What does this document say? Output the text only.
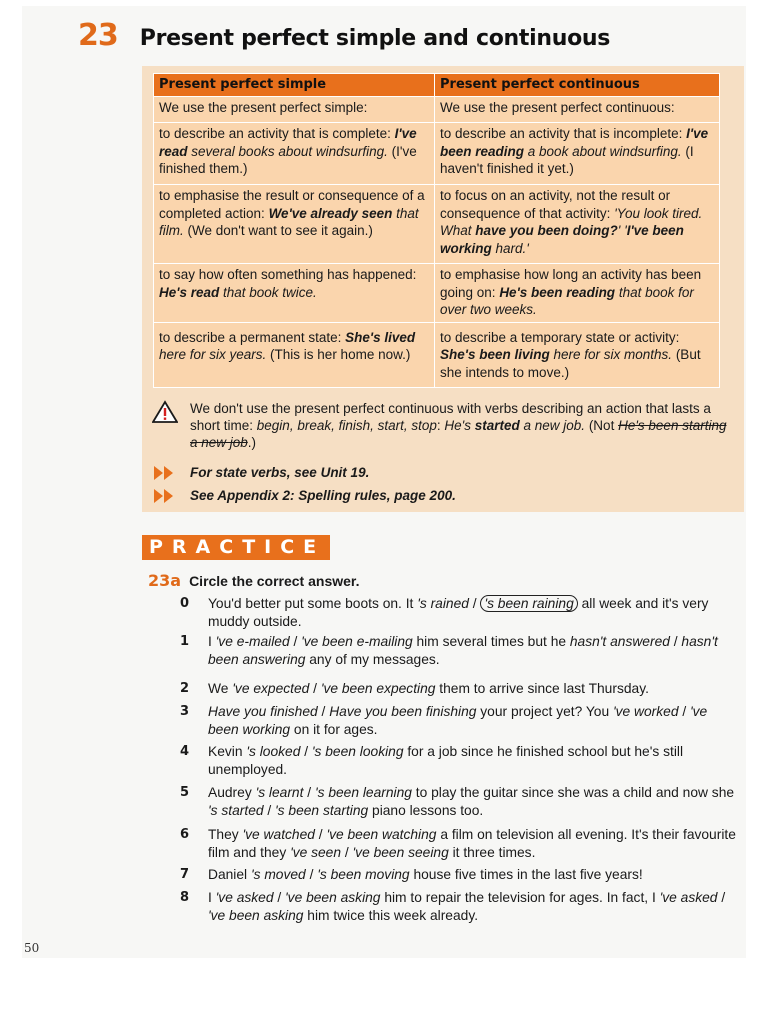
23 Present perfect simple and continuous
Present perfect simple	Present perfect continuous
We use the present perfect simple:	We use the present perfect continuous:
to describe an activity that is complete: I've read several books about windsurfing. (I've finished them.)	to describe an activity that is incomplete: I've been reading a book about windsurfing. (I haven't finished it yet.)
to emphasise the result or consequence of a completed action: We've already seen that film. (We don't want to see it again.)	to focus on an activity, not the result or consequence of that activity: 'You look tired. What have you been doing?' 'I've been working hard.'
to say how often something has happened: He's read that book twice.	to emphasise how long an activity has been going on: He's been reading that book for over two weeks.
to describe a permanent state: She's lived here for six years. (This is her home now.)	to describe a temporary state or activity: She's been living here for six months. (But she intends to move.)
We don't use the present perfect continuous with verbs describing an action that lasts a short time: begin, break, finish, start, stop: He's started a new job. (Not He's been starting a new job.)
For state verbs, see Unit 19.
See Appendix 2: Spelling rules, page 200.
PRACTICE
23a Circle the correct answer.
0	You'd better put some boots on. It 's rained / 's been raining all week and it's very muddy outside.
1	I 've e-mailed / 've been e-mailing him several times but he hasn't answered / hasn't been answering any of my messages.
2	We 've expected / 've been expecting them to arrive since last Thursday.
3	Have you finished / Have you been finishing your project yet? You 've worked / 've been working on it for ages.
4	Kevin 's looked / 's been looking for a job since he finished school but he's still unemployed.
5	Audrey 's learnt / 's been learning to play the guitar since she was a child and now she 's started / 's been starting piano lessons too.
6	They 've watched / 've been watching a film on television all evening. It's their favourite film and they 've seen / 've been seeing it three times.
7	Daniel 's moved / 's been moving house five times in the last five years!
8	I 've asked / 've been asking him to repair the television for ages. In fact, I 've asked / 've been asking him twice this week already.
50
